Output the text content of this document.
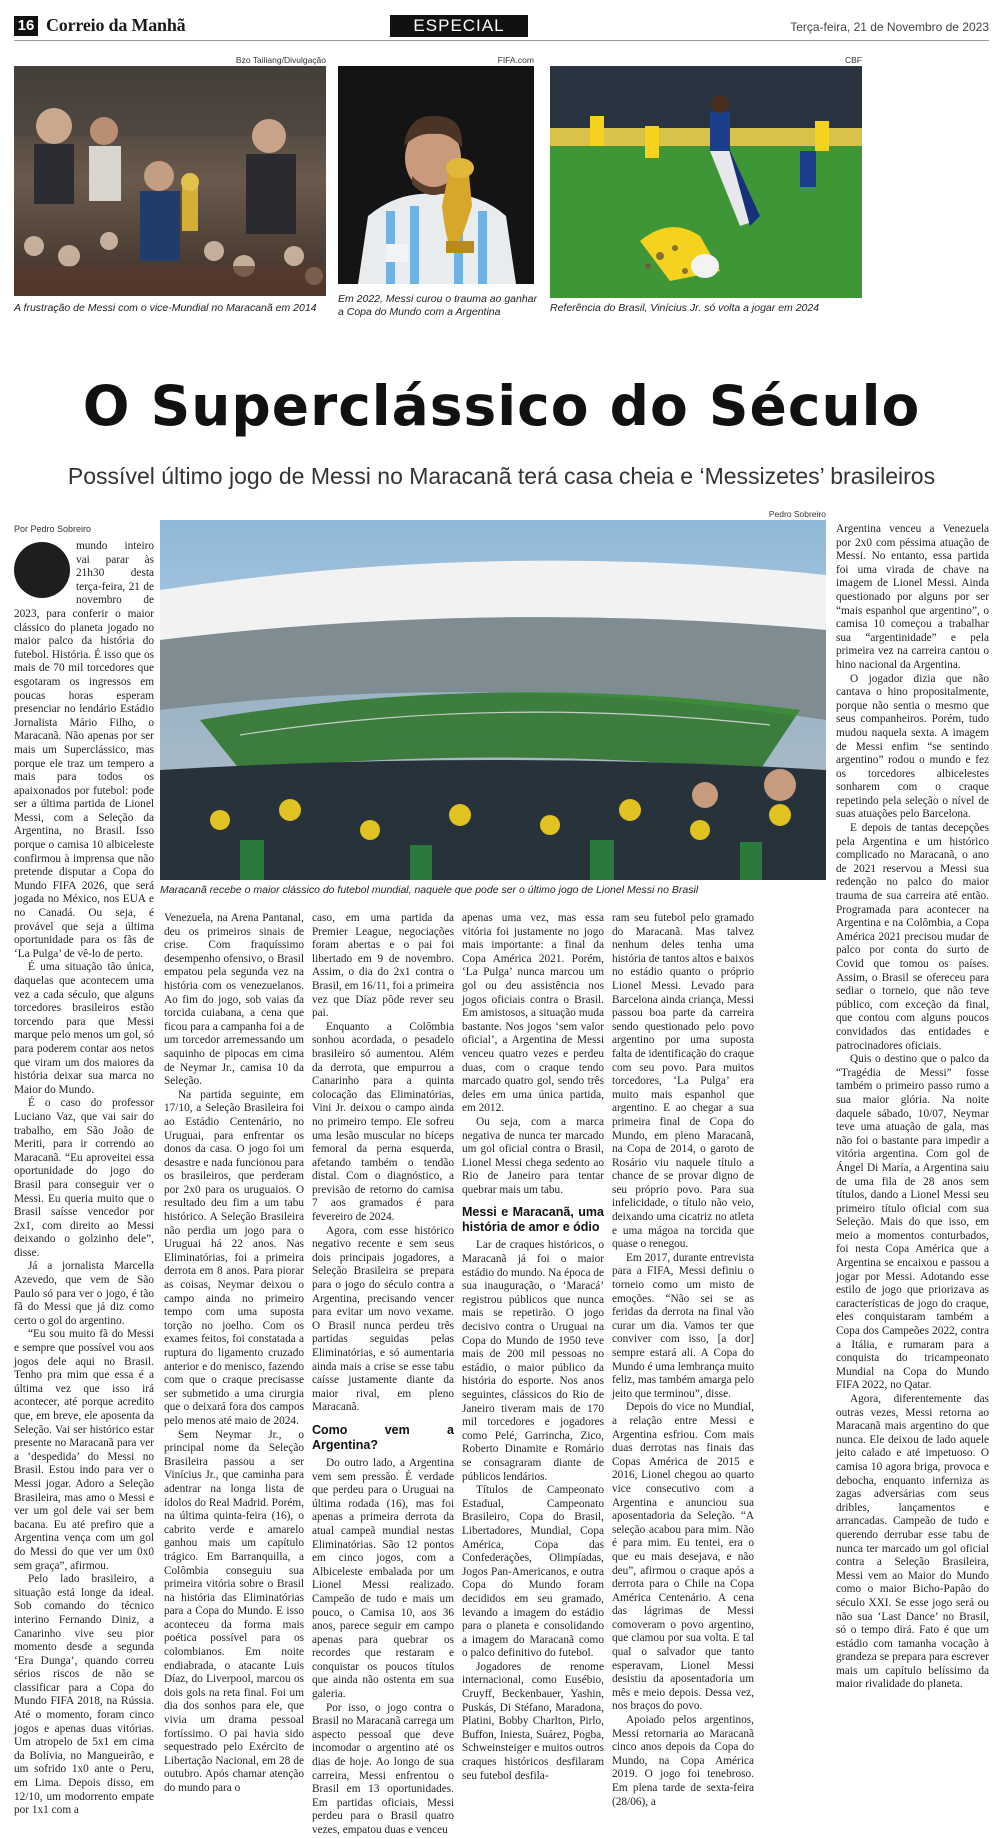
16 Correio da Manhã	ESPECIAL	Terça-feira, 21 de Novembro de 2023
Bzo Tailiang/Divulgação
A frustração de Messi com o vice-Mundial no Maracanã em 2014
FIFA.com
Em 2022, Messi curou o trauma ao ganhar a Copa do Mundo com a Argentina
CBF
Referência do Brasil, Vinícius Jr. só volta a jogar em 2024
O Superclássico do Século
Possível último jogo de Messi no Maracanã terá casa cheia e ‘Messizetes’ brasileiros
Por Pedro Sobreiro
Pedro Sobreiro
Maracanã recebe o maior clássico do futebol mundial, naquele que pode ser o último jogo de Lionel Messi no Brasil

mundo inteiro vai parar às 21h30 desta terça-feira, 21 de novembro de 2023, para conferir o maior clássico do planeta jogado no maior palco da história do futebol. História. É isso que os mais de 70 mil torcedores que esgotaram os ingressos em poucas horas esperam presenciar no lendário Estádio Jornalista Mário Filho, o Maracanã. Não apenas por ser mais um Superclássico, mas porque ele traz um tempero a mais para todos os apaixonados por futebol: pode ser a última partida de Lionel Messi, com a Seleção da Argentina, no Brasil. Isso porque o camisa 10 albiceleste confirmou à imprensa que não pretende disputar a Copa do Mundo FIFA 2026, que será jogada no México, nos EUA e no Canadá. Ou seja, é provável que seja a última oportunidade para os fãs de ‘La Pulga’ de vê-lo de perto.

É uma situação tão única, daquelas que acontecem uma vez a cada século, que alguns torcedores brasileiros estão torcendo para que Messi marque pelo menos um gol, só para poderem contar aos netos que viram um dos maiores da história deixar sua marca no Maior do Mundo.

É o caso do professor Luciano Vaz, que vai sair do trabalho, em São João de Meriti, para ir correndo ao Maracanã. “Eu aproveitei essa oportunidade do jogo do Brasil para conseguir ver o Messi. Eu queria muito que o Brasil saísse vencedor por 2x1, com direito ao Messi deixando o golzinho dele”, disse.

Já a jornalista Marcella Azevedo, que vem de São Paulo só para ver o jogo, é tão fã do Messi que já diz como certo o gol do argentino.

“Eu sou muito fã do Messi e sempre que possível vou aos jogos dele aqui no Brasil. Tenho pra mim que essa é a última vez que isso irá acontecer, até porque acredito que, em breve, ele aposenta da Seleção. Vai ser histórico estar presente no Maracanã para ver a ‘despedida’ do Messi no Brasil. Estou indo para ver o Messi jogar. Adoro a Seleção Brasileira, mas amo o Messi e ver um gol dele vai ser bem bacana. Eu até prefiro que a Argentina vença com um gol do Messi do que ver um 0x0 sem graça”, afirmou.

Pelo lado brasileiro, a situação está longe da ideal. Sob comando do técnico interino Fernando Diniz, a Canarinho vive seu pior momento desde a segunda ‘Era Dunga’, quando correu sérios riscos de não se classificar para a Copa do Mundo FIFA 2018, na Rússia. Até o momento, foram cinco jogos e apenas duas vitórias. Um atropelo de 5x1 em cima da Bolívia, no Mangueirão, e um sofrido 1x0 ante o Peru, em Lima. Depois disso, em 12/10, um modorrento empate por 1x1 com a

Venezuela, na Arena Pantanal, deu os primeiros sinais de crise. Com fraquíssimo desempenho ofensivo, o Brasil empatou pela segunda vez na história com os venezuelanos. Ao fim do jogo, sob vaias da torcida cuiabana, a cena que ficou para a campanha foi a de um torcedor arremessando um saquinho de pipocas em cima de Neymar Jr., camisa 10 da Seleção.

Na partida seguinte, em 17/10, a Seleção Brasileira foi ao Estádio Centenário, no Uruguai, para enfrentar os donos da casa. O jogo foi um desastre e nada funcionou para os brasileiros, que perderam por 2x0 para os uruguaios. O resultado deu fim a um tabu histórico. A Seleção Brasileira não perdia um jogo para o Uruguai há 22 anos. Nas Eliminatórias, foi a primeira derrota em 8 anos. Para piorar as coisas, Neymar deixou o campo ainda no primeiro tempo com uma suposta torção no joelho. Com os exames feitos, foi constatada a ruptura do ligamento cruzado anterior e do menisco, fazendo com que o craque precisasse ser submetido a uma cirurgia que o deixará fora dos campos pelo menos até maio de 2024.

Sem Neymar Jr., o principal nome da Seleção Brasileira passou a ser Vinícius Jr., que caminha para adentrar na longa lista de ídolos do Real Madrid. Porém, na última quinta-feira (16), o cabrito verde e amarelo ganhou mais um capítulo trágico. Em Barranquilla, a Colômbia conseguiu sua primeira vitória sobre o Brasil na história das Eliminatórias para a Copa do Mundo. E isso aconteceu da forma mais poética possível para os colombianos. Em noite endiabrada, o atacante Luis Díaz, do Liverpool, marcou os dois gols na reta final. Foi um dia dos sonhos para ele, que vivia um drama pessoal fortíssimo. O pai havia sido sequestrado pelo Exército de Libertação Nacional, em 28 de outubro. Após chamar atenção do mundo para o

caso, em uma partida da Premier League, negociações foram abertas e o pai foi libertado em 9 de novembro. Assim, o dia do 2x1 contra o Brasil, em 16/11, foi a primeira vez que Díaz pôde rever seu pai.

Enquanto a Colômbia sonhou acordada, o pesadelo brasileiro só aumentou. Além da derrota, que empurrou a Canarinho para a quinta colocação das Eliminatórias, Vini Jr. deixou o campo ainda no primeiro tempo. Ele sofreu uma lesão muscular no bíceps femoral da perna esquerda, afetando também o tendão distal. Com o diagnóstico, a previsão de retorno do camisa 7 aos gramados é para fevereiro de 2024.

Agora, com esse histórico negativo recente e sem seus dois principais jogadores, a Seleção Brasileira se prepara para o jogo do século contra a Argentina, precisando vencer para evitar um novo vexame. O Brasil nunca perdeu três partidas seguidas pelas Eliminatórias, e só aumentaria ainda mais a crise se esse tabu caísse justamente diante da maior rival, em pleno Maracanã.

Como vem a Argentina?

Do outro lado, a Argentina vem sem pressão. É verdade que perdeu para o Uruguai na última rodada (16), mas foi apenas a primeira derrota da atual campeã mundial nestas Eliminatórias. São 12 pontos em cinco jogos, com a Albiceleste embalada por um Lionel Messi realizado. Campeão de tudo e mais um pouco, o Camisa 10, aos 36 anos, parece seguir em campo apenas para quebrar os recordes que restaram e conquistar os poucos títulos que ainda não ostenta em sua galeria.

Por isso, o jogo contra o Brasil no Maracanã carrega um aspecto pessoal que deve incomodar o argentino até os dias de hoje. Ao longo de sua carreira, Messi enfrentou o Brasil em 13 oportunidades. Em partidas oficiais, Messi perdeu para o Brasil quatro vezes, empatou duas e venceu

apenas uma vez, mas essa vitória foi justamente no jogo mais importante: a final da Copa América 2021. Porém, ‘La Pulga’ nunca marcou um gol ou deu assistência nos jogos oficiais contra o Brasil. Em amistosos, a situação muda bastante. Nos jogos ‘sem valor oficial’, a Argentina de Messi venceu quatro vezes e perdeu duas, com o craque tendo marcado quatro gol, sendo três deles em uma única partida, em 2012.

Ou seja, com a marca negativa de nunca ter marcado um gol oficial contra o Brasil, Lionel Messi chega sedento ao Rio de Janeiro para tentar quebrar mais um tabu.

Messi e Maracanã, uma história de amor e ódio

Lar de craques históricos, o Maracanã já foi o maior estádio do mundo. Na época de sua inauguração, o ‘Maracá’ registrou públicos que nunca mais se repetirão. O jogo decisivo contra o Uruguai na Copa do Mundo de 1950 teve mais de 200 mil pessoas no estádio, o maior público da história do esporte. Nos anos seguintes, clássicos do Rio de Janeiro tiveram mais de 170 mil torcedores e jogadores como Pelé, Garrincha, Zico, Roberto Dinamite e Romário se consagraram diante de públicos lendários.

Títulos de Campeonato Estadual, Campeonato Brasileiro, Copa do Brasil, Libertadores, Mundial, Copa América, Copa das Confederações, Olimpíadas, Jogos Pan-Americanos, e outra Copa do Mundo foram decididos em seu gramado, levando a imagem do estádio para o planeta e consolidando a imagem do Maracanã como o palco definitivo do futebol.

Jogadores de renome internacional, como Eusébio, Cruyff, Beckenbauer, Yashin, Puskás, Di Stéfano, Maradona, Platini, Bobby Charlton, Pirlo, Buffon, Iniesta, Suárez, Pogba, Schweinsteiger e muitos outros craques históricos desfilaram seu futebol desfila-

ram seu futebol pelo gramado do Maracanã. Mas talvez nenhum deles tenha uma história de tantos altos e baixos no estádio quanto o próprio Lionel Messi. Levado para Barcelona ainda criança, Messi passou boa parte da carreira sendo questionado pelo povo argentino por uma suposta falta de identificação do craque com seu povo. Para muitos torcedores, ‘La Pulga’ era muito mais espanhol que argentino. E ao chegar a sua primeira final de Copa do Mundo, em pleno Maracanã, na Copa de 2014, o garoto de Rosário viu naquele título a chance de se provar digno de seu próprio povo. Para sua infelicidade, o título não veio, deixando uma cicatriz no atleta e uma mágoa na torcida que quase o renegou.

Em 2017, durante entrevista para a FIFA, Messi definiu o torneio como um misto de emoções. “Não sei se as feridas da derrota na final vão curar um dia. Vamos ter que conviver com isso, [a dor] sempre estará ali. A Copa do Mundo é uma lembrança muito feliz, mas também amarga pelo jeito que terminou”, disse.

Depois do vice no Mundial, a relação entre Messi e Argentina esfriou. Com mais duas derrotas nas finais das Copas América de 2015 e 2016, Lionel chegou ao quarto vice consecutivo com a Argentina e anunciou sua aposentadoria da Seleção. “A seleção acabou para mim. Não é para mim. Eu tentei, era o que eu mais desejava, e não deu”, afirmou o craque após a derrota para o Chile na Copa América Centenário. A cena das lágrimas de Messi comoveram o povo argentino, que clamou por sua volta. E tal qual o salvador que tanto esperavam, Lionel Messi desistiu da aposentadoria um mês e meio depois. Dessa vez, nos braços do povo.

Apoiado pelos argentinos, Messi retornaria ao Maracanã cinco anos depois da Copa do Mundo, na Copa América 2019. O jogo foi tenebroso. Em plena tarde de sexta-feira (28/06), a

Argentina venceu a Venezuela por 2x0 com péssima atuação de Messi. No entanto, essa partida foi uma virada de chave na imagem de Lionel Messi. Ainda questionado por alguns por ser “mais espanhol que argentino”, o camisa 10 começou a trabalhar sua “argentinidade” e pela primeira vez na carreira cantou o hino nacional da Argentina.

O jogador dizia que não cantava o hino propositalmente, porque não sentia o mesmo que seus companheiros. Porém, tudo mudou naquela sexta. A imagem de Messi enfim “se sentindo argentino” rodou o mundo e fez os torcedores albicelestes sonharem com o craque repetindo pela seleção o nível de suas atuações pelo Barcelona.

E depois de tantas decepções pela Argentina e um histórico complicado no Maracanã, o ano de 2021 reservou a Messi sua redenção no palco do maior trauma de sua carreira até então. Programada para acontecer na Argentina e na Colômbia, a Copa América 2021 precisou mudar de palco por conta do surto de Covid que tomou os países. Assim, o Brasil se ofereceu para sediar o torneio, que não teve público, com exceção da final, que contou com alguns poucos convidados das entidades e patrocinadores oficiais.

Quis o destino que o palco da “Tragédia de Messi” fosse também o primeiro passo rumo a sua maior glória. Na noite daquele sábado, 10/07, Neymar teve uma atuação de gala, mas não foi o bastante para impedir a vitória argentina. Com gol de Ángel Di María, a Argentina saiu de uma fila de 28 anos sem títulos, dando a Lionel Messi seu primeiro título oficial com sua Seleção. Mais do que isso, em meio a momentos conturbados, foi nesta Copa América que a Argentina se encaixou e passou a jogar por Messi. Adotando esse estilo de jogo que priorizava as características de jogo do craque, eles conquistaram também a Copa dos Campeões 2022, contra a Itália, e rumaram para a conquista do tricampeonato Mundial na Copa do Mundo FIFA 2022, no Qatar.

Agora, diferentemente das outras vezes, Messi retorna ao Maracanã mais argentino do que nunca. Ele deixou de lado aquele jeito calado e até impetuoso. O camisa 10 agora briga, provoca e debocha, enquanto inferniza as zagas adversárias com seus dribles, lançamentos e arrancadas. Campeão de tudo e querendo derrubar esse tabu de nunca ter marcado um gol oficial contra a Seleção Brasileira, Messi vem ao Maior do Mundo como o maior Bicho-Papão do século XXI. Se esse jogo será ou não sua ‘Last Dance’ no Brasil, só o tempo dirá. Fato é que um estádio com tamanha vocação à grandeza se prepara para escrever mais um capítulo belíssimo da maior rivalidade do planeta.
